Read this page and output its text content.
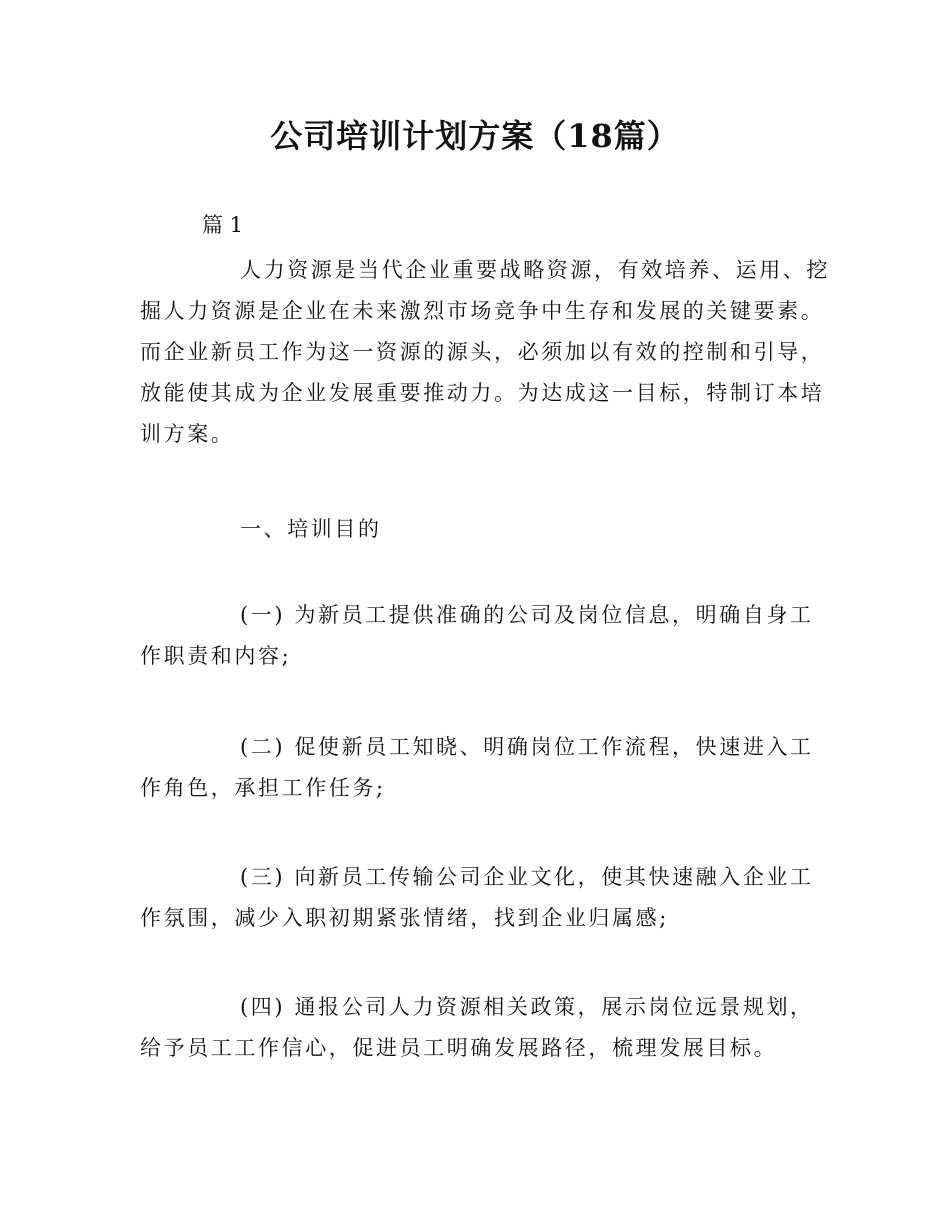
公司培训计划方案（18篇）
篇 1

人力资源是当代企业重要战略资源，有效培养、运用、挖掘人力资源是企业在未来激烈市场竞争中生存和发展的关键要素。而企业新员工作为这一资源的源头，必须加以有效的控制和引导，放能使其成为企业发展重要推动力。为达成这一目标，特制订本培训方案。

一、培训目的

(一) 为新员工提供准确的公司及岗位信息，明确自身工作职责和内容;

(二) 促使新员工知晓、明确岗位工作流程，快速进入工作角色，承担工作任务;

(三) 向新员工传输公司企业文化，使其快速融入企业工作氛围，减少入职初期紧张情绪，找到企业归属感;

(四) 通报公司人力资源相关政策，展示岗位远景规划，给予员工工作信心，促进员工明确发展路径，梳理发展目标。
